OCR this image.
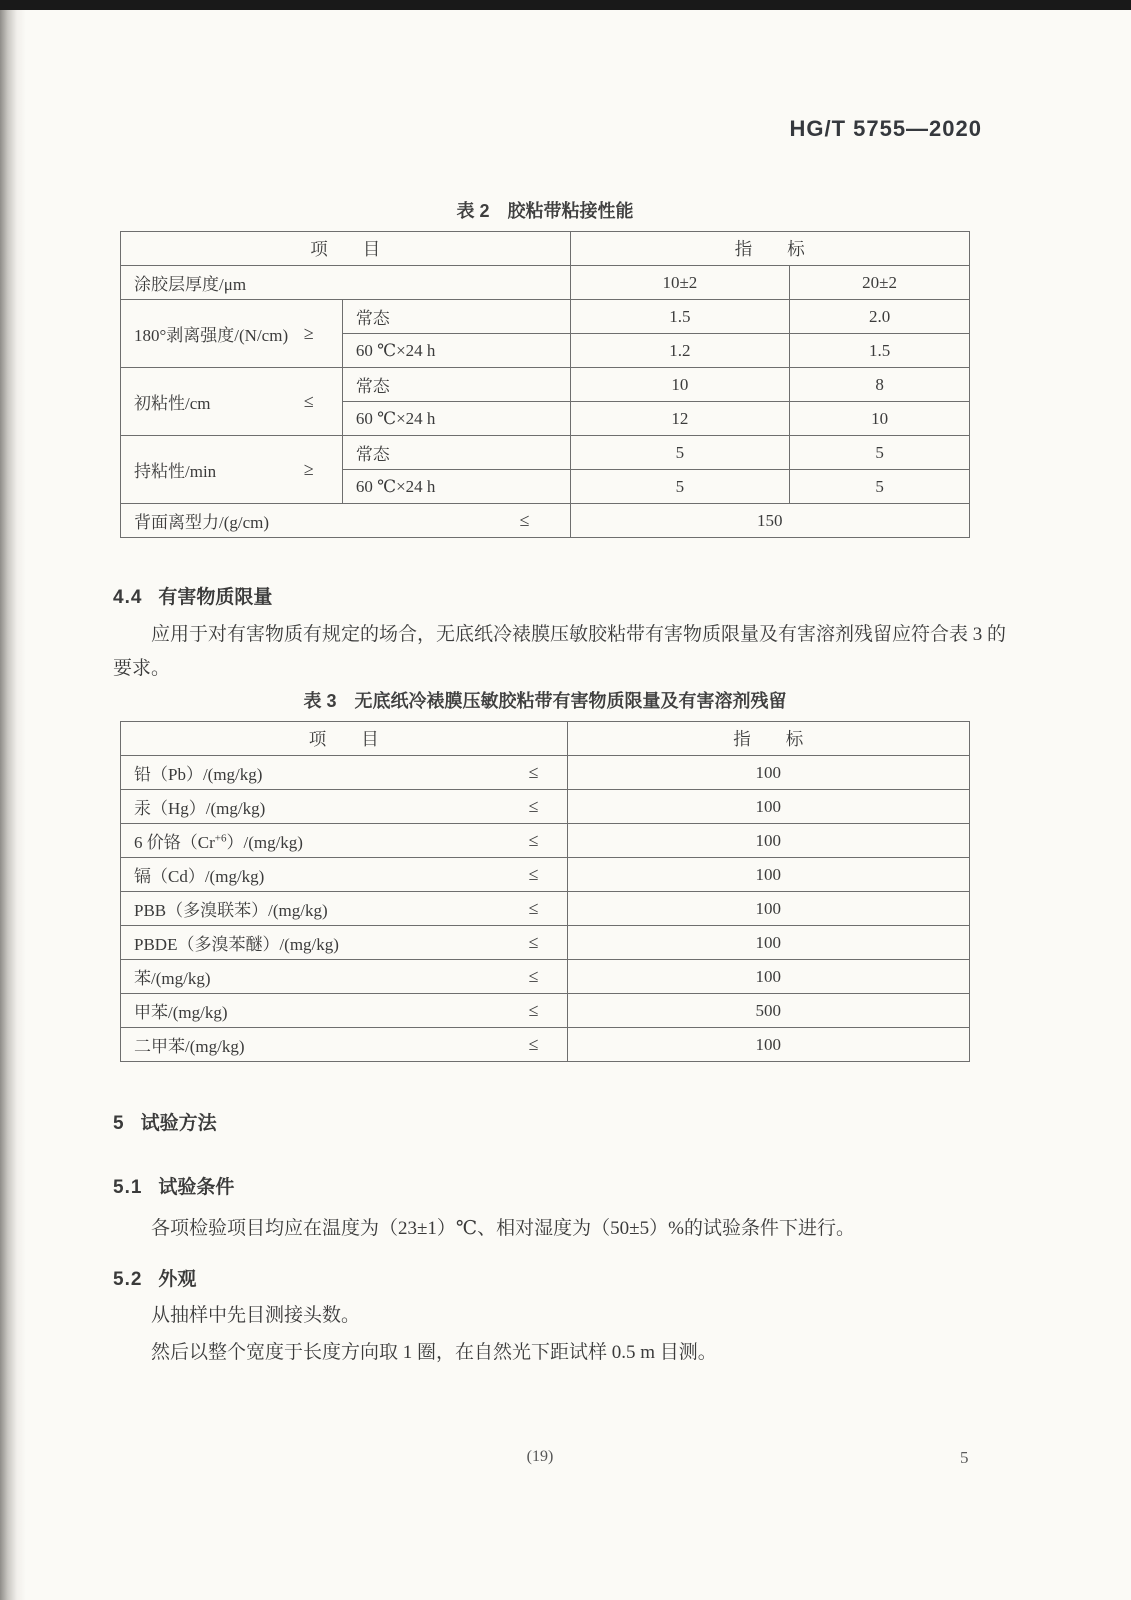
HG/T 5755—2020
表 2 胶粘带粘接性能
项　　目		指　　标	
涂胶层厚度/μm		10±2	20±2

180°剥离强度/(N/cm) ≥	常态	1.5	2.0
	60 ℃×24 h	1.2	1.5

初粘性/cm ≤	常态	10	8
	60 ℃×24 h	12	10

持粘性/min ≥	常态	5	5
	60 ℃×24 h	5	5

背面离型力/(g/cm) ≤		150	
4.4 有害物质限量
应用于对有害物质有规定的场合，无底纸冷裱膜压敏胶粘带有害物质限量及有害溶剂残留应符合表 3 的要求。
表 3 无底纸冷裱膜压敏胶粘带有害物质限量及有害溶剂残留
项　　目	指　　标

铅（Pb）/(mg/kg) ≤	100

汞（Hg）/(mg/kg) ≤	100

6 价铬$(Cr^{+6})/(mg/kg)$ ≤	100

镉（Cd）/(mg/kg) ≤	100

PBB（多溴联苯）/(mg/kg) ≤	100

PBDE（多溴苯醚）/(mg/kg) ≤	100

苯/(mg/kg) ≤	100

甲苯/(mg/kg) ≤	500

二甲苯/(mg/kg) ≤	100
5 试验方法
5.1 试验条件
各项检验项目均应在温度为（23±1）℃、相对湿度为（50±5）%的试验条件下进行。
5.2 外观
从抽样中先目测接头数。
然后以整个宽度于长度方向取 1 圈，在自然光下距试样 0.5 m 目测。
(19)	5
